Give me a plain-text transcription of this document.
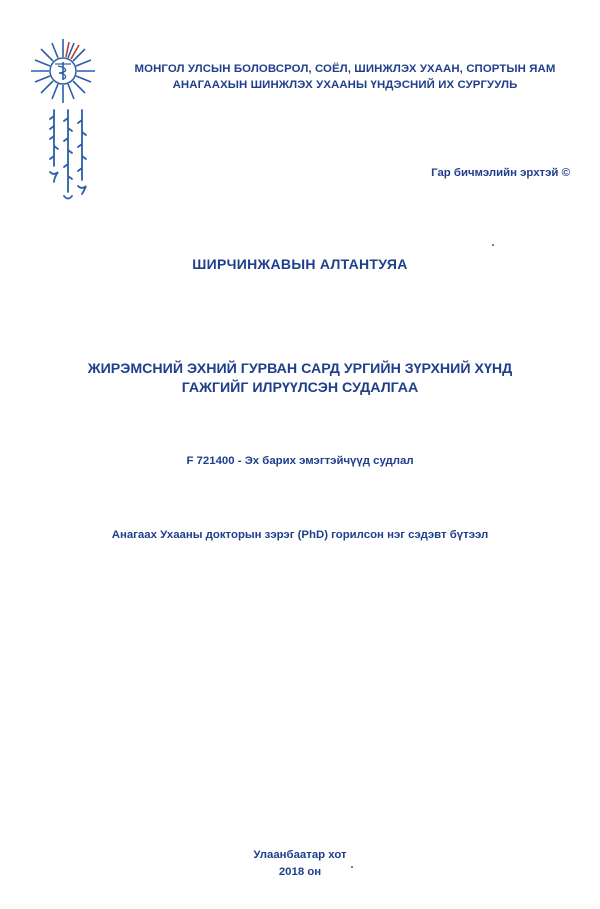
МОНГОЛ УЛСЫН БОЛОВСРОЛ, СОЁЛ, ШИНЖЛЭХ УХААН, СПОРТЫН ЯАМ
АНАГААХЫН ШИНЖЛЭХ УХААНЫ ҮНДЭСНИЙ ИХ СУРГУУЛЬ
Гар бичмэлийн эрхтэй ©
ШИРЧИНЖАВЫН АЛТАНТУЯА
ЖИРЭМСНИЙ ЭХНИЙ ГУРВАН САРД УРГИЙН ЗҮРХНИЙ ХҮНД
ГАЖГИЙГ ИЛРҮҮЛСЭН СУДАЛГАА
F 721400 - Эх барих эмэгтэйчүүд судлал
Анагаах Ухааны докторын зэрэг (PhD) горилсон нэг сэдэвт бүтээл
Улаанбаатар хот
2018 он
